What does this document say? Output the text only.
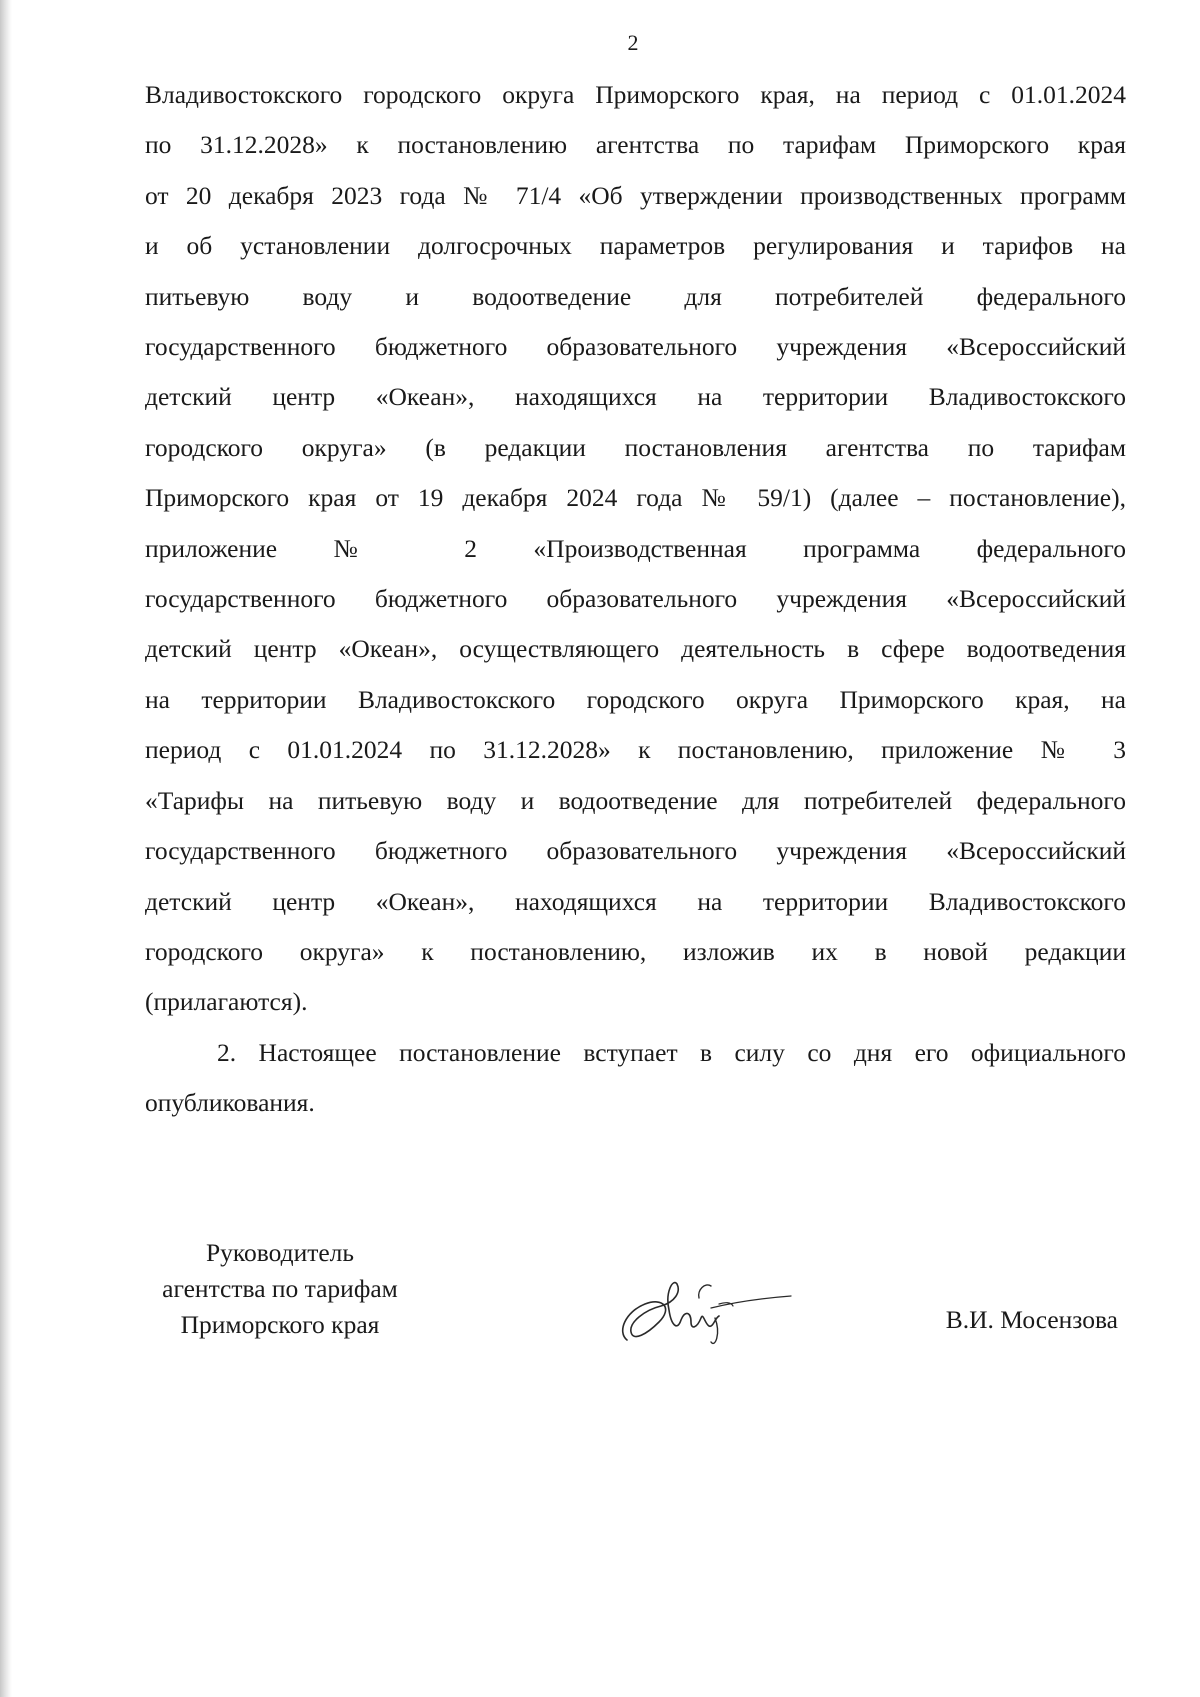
2

Владивостокского городского округа Приморского края, на период с 01.01.2024
по 31.12.2028» к постановлению агентства по тарифам Приморского края
от 20 декабря 2023 года № 71/4 «Об утверждении производственных программ
и об установлении долгосрочных параметров регулирования и тарифов на
питьевую воду и водоотведение для потребителей федерального
государственного бюджетного образовательного учреждения «Всероссийский
детский центр «Океан», находящихся на территории Владивостокского
городского округа» (в редакции постановления агентства по тарифам
Приморского края от 19 декабря 2024 года № 59/1) (далее – постановление),
приложение № 2 «Производственная программа федерального
государственного бюджетного образовательного учреждения «Всероссийский
детский центр «Океан», осуществляющего деятельность в сфере водоотведения
на территории Владивостокского городского округа Приморского края, на
период с 01.01.2024 по 31.12.2028» к постановлению, приложение № 3
«Тарифы на питьевую воду и водоотведение для потребителей федерального
государственного бюджетного образовательного учреждения «Всероссийский
детский центр «Океан», находящихся на территории Владивостокского
городского округа» к постановлению, изложив их в новой редакции
(прилагаются).

2. Настоящее постановление вступает в силу со дня его официального
опубликования.

Руководитель
агентства по тарифам
Приморского края	В.И. Мосензова
